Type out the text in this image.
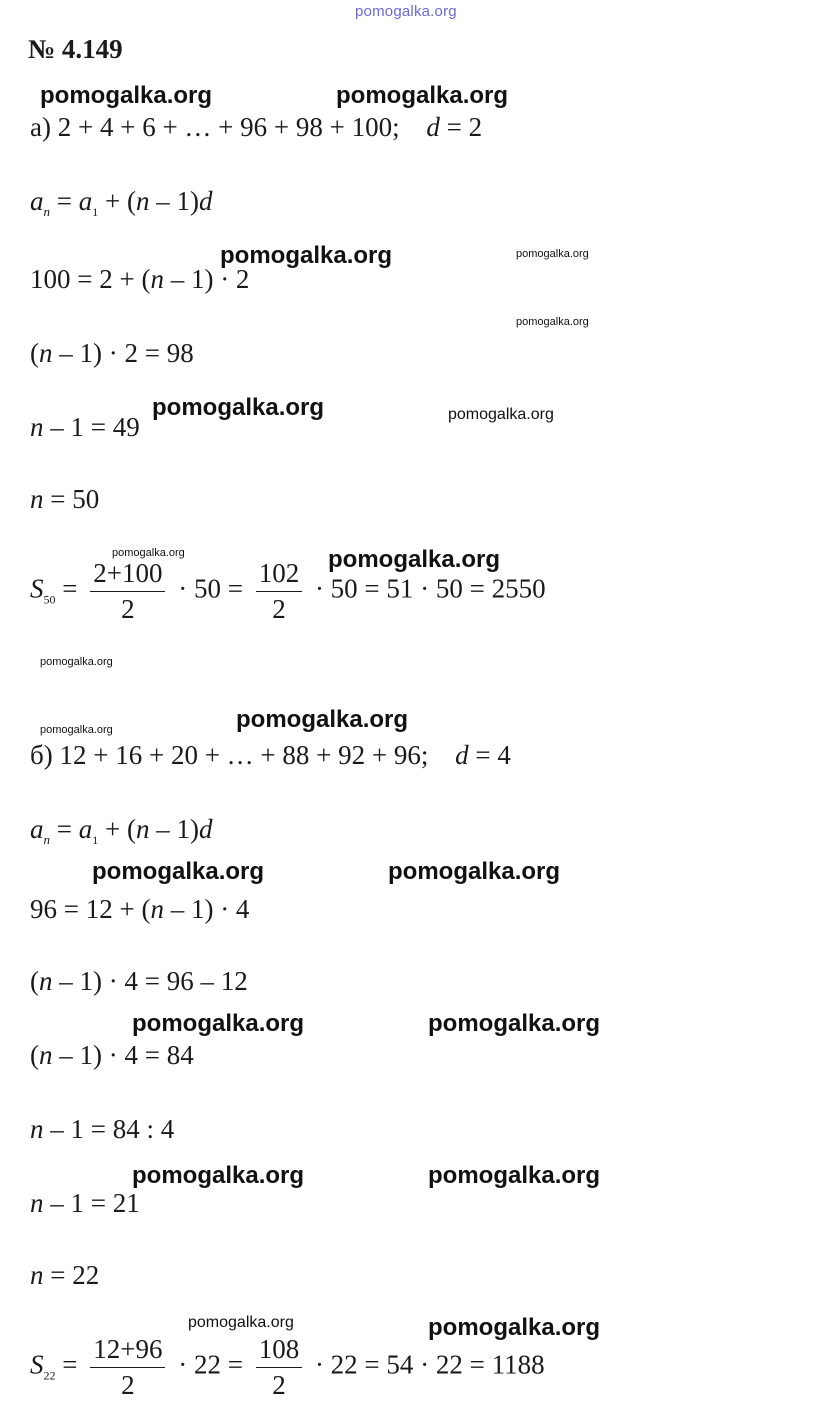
pomogalka.org
pomogalka.org	pomogalka.org
pomogalka.org	pomogalka.org
pomogalka.org
pomogalka.org	pomogalka.org
pomogalka.org	pomogalka.org
pomogalka.org
pomogalka.org	pomogalka.org
pomogalka.org	pomogalka.org
pomogalka.org	pomogalka.org
pomogalka.org	pomogalka.org
pomogalka.org	pomogalka.org
№ 4.149
а) 2 + 4 + 6 + … + 96 + 98 + 100; d = 2
$a_n = a_1 + (n - 1)d$
100 = 2 + (n – 1) · 2
(n – 1) · 2 = 98
n – 1 = 49
n = 50
$S_{50} = \frac{2+100}{2} \cdot 50 = \frac{102}{2} \cdot 50 = 51 \cdot 50 = 2550$
б) 12 + 16 + 20 + … + 88 + 92 + 96; d = 4
$a_n = a_1 + (n - 1)d$
96 = 12 + (n – 1) · 4
(n – 1) · 4 = 96 – 12
(n – 1) · 4 = 84
n – 1 = 84 : 4
n – 1 = 21
n = 22
$S_{22} = \frac{12+96}{2} \cdot 22 = \frac{108}{2} \cdot 22 = 54 \cdot 22 = 1188$
